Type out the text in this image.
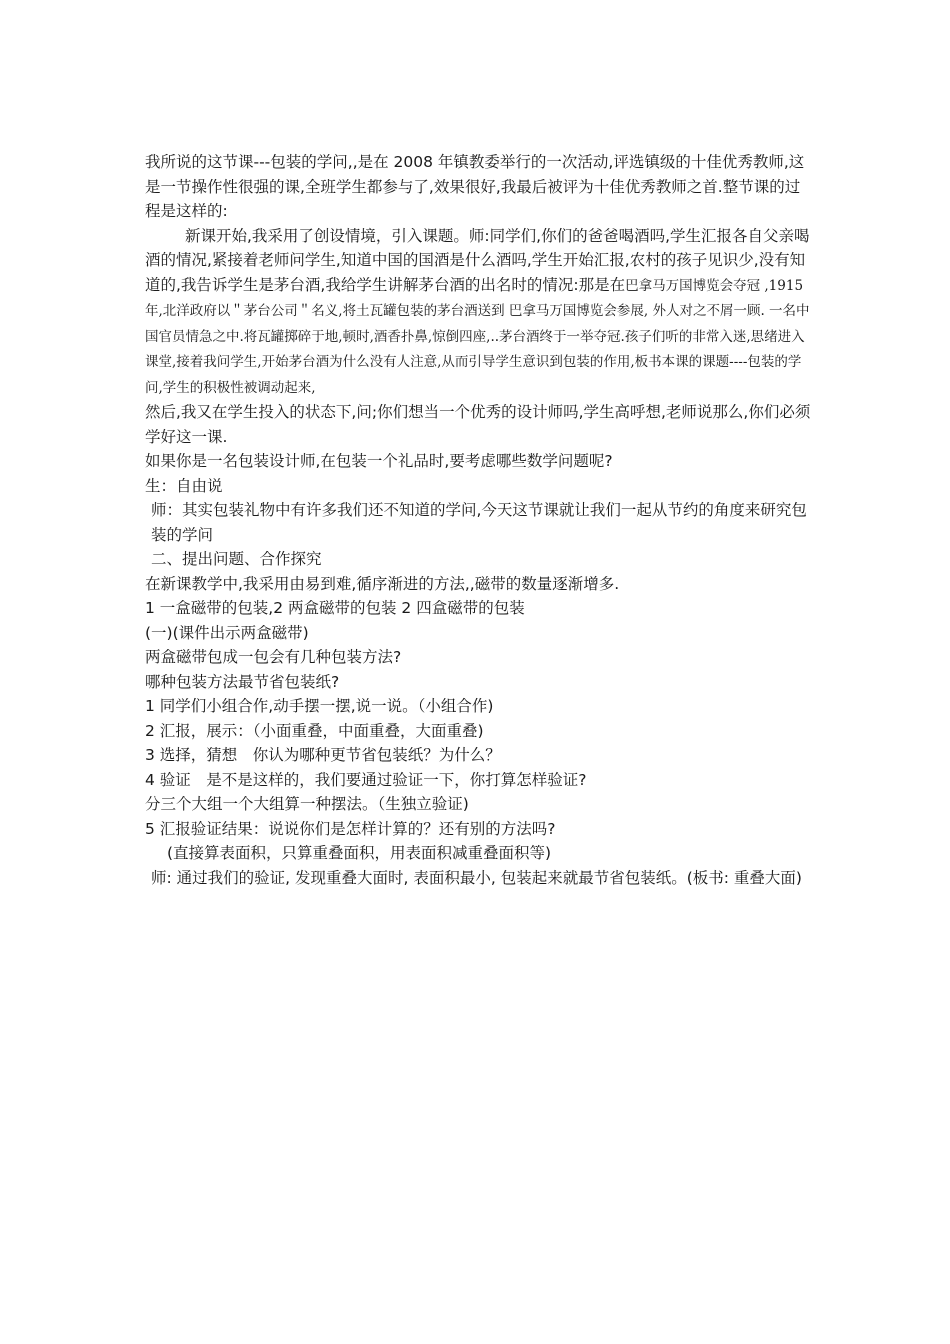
我所说的这节课---包装的学问,,是在 2008 年镇教委举行的一次活动,评选镇级的十佳优秀教师,这是一节操作性很强的课,全班学生都参与了,效果很好,我最后被评为十佳优秀教师之首.整节课的过程是这样的:

新课开始,我采用了创设情境，引入课题。师:同学们,你们的爸爸喝酒吗,学生汇报各自父亲喝酒的情况,紧接着老师问学生,知道中国的国酒是什么酒吗,学生开始汇报,农村的孩子见识少,没有知道的,我告诉学生是茅台酒,我给学生讲解茅台酒的出名时的情况:那是在巴拿马万国博览会夺冠 ,1915 年,北洋政府以＂茅台公司＂名义,将土瓦罐包装的茅台酒送到 巴拿马万国博览会参展, 外人对之不屑一顾. 一名中国官员情急之中.将瓦罐掷碎于地,顿时,酒香扑鼻,惊倒四座,..茅台酒终于一举夺冠.孩子们听的非常入迷,思绪进入课堂,接着我问学生,开始茅台酒为什么没有人注意,从而引导学生意识到包装的作用,板书本课的课题----包装的学问,学生的积极性被调动起来,

然后,我又在学生投入的状态下,问;你们想当一个优秀的设计师吗,学生高呼想,老师说那么,你们必须学好这一课.

如果你是一名包装设计师,在包装一个礼品时,要考虑哪些数学问题呢?

生：自由说

师：其实包装礼物中有许多我们还不知道的学问,今天这节课就让我们一起从节约的角度来研究包装的学问

二、提出问题、合作探究

在新课教学中,我采用由易到难,循序渐进的方法,,磁带的数量逐渐增多.

1 一盒磁带的包装,2 两盒磁带的包装 2 四盒磁带的包装

(一)(课件出示两盒磁带)

两盒磁带包成一包会有几种包装方法?

哪种包装方法最节省包装纸?

1 同学们小组合作,动手摆一摆,说一说。（小组合作)

2 汇报，展示：（小面重叠，中面重叠，大面重叠)

3 选择，猜想　你认为哪种更节省包装纸？为什么？

4 验证　是不是这样的，我们要通过验证一下，你打算怎样验证?

分三个大组一个大组算一种摆法。（生独立验证)

5 汇报验证结果：说说你们是怎样计算的？还有别的方法吗?

(直接算表面积，只算重叠面积，用表面积减重叠面积等)

师: 通过我们的验证, 发现重叠大面时, 表面积最小, 包装起来就最节省包装纸。(板书: 重叠大面)
